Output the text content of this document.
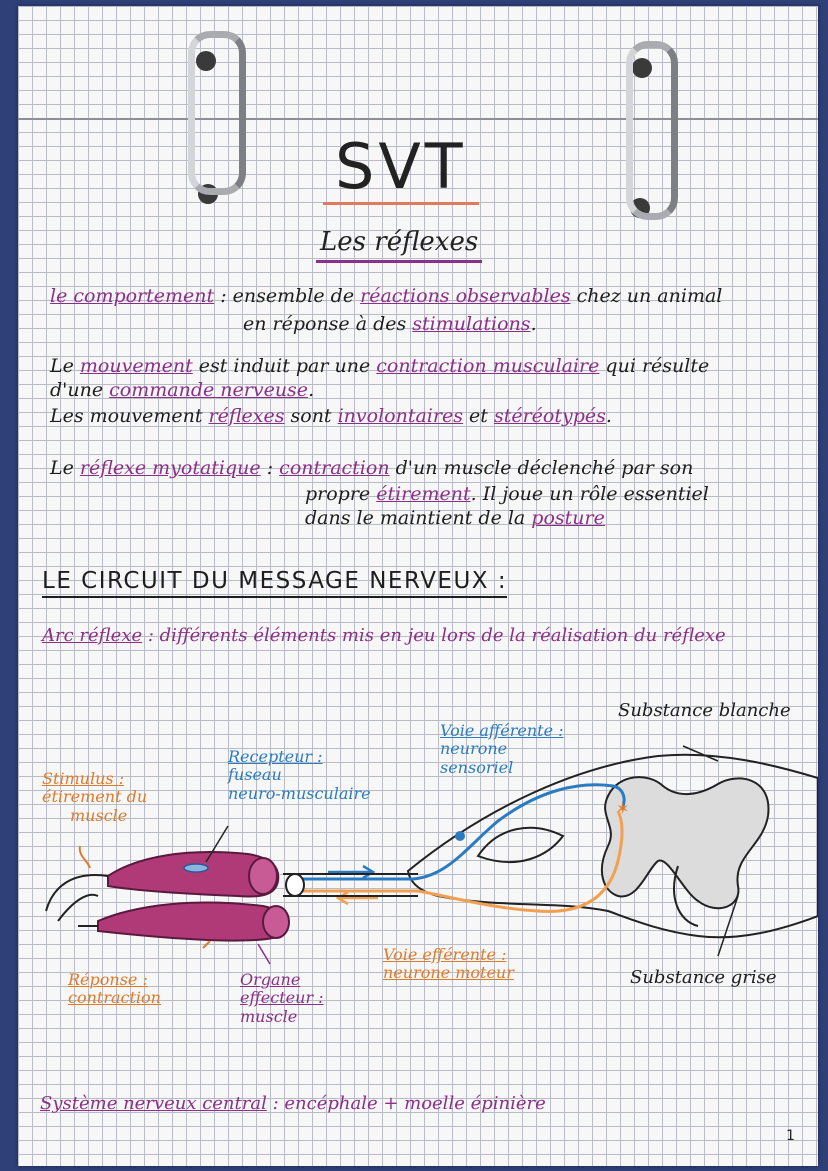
SVT
Les réflexes
le comportement : ensemble de réactions observables chez un animal
en réponse à des stimulations.
Le mouvement est induit par une contraction musculaire qui résulte
d'une commande nerveuse.
Les mouvement réflexes sont involontaires et stéréotypés.
Le réflexe myotatique : contraction d'un muscle déclenché par son
propre étirement. Il joue un rôle essentiel
dans le maintient de la posture
LE CIRCUIT DU MESSAGE NERVEUX :
Arc réflexe : différents éléments mis en jeu lors de la réalisation du réflexe
✶
Substance blanche
Voie afférente :
neurone
sensoriel
Recepteur :
fuseau
neuro-musculaire
Stimulus :
étirement du
muscle
Réponse :
contraction
Organe
effecteur :
muscle
Voie efférente :
neurone moteur	Substance grise
Système nerveux central : encéphale + moelle épinière
1
